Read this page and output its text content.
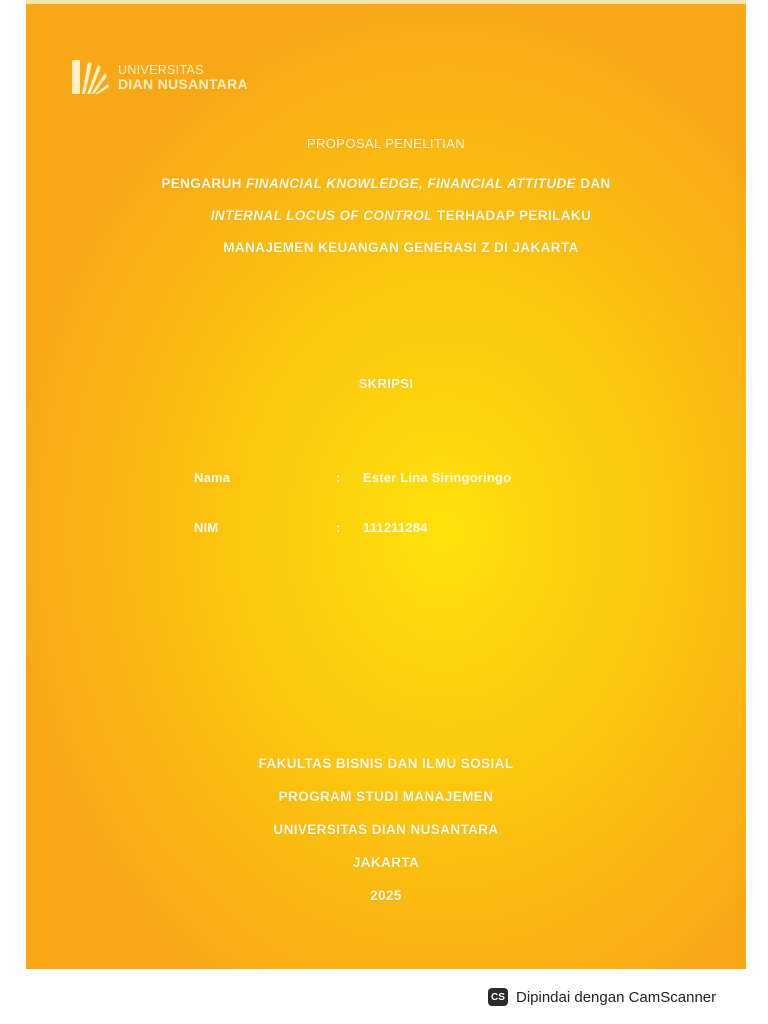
UNIVERSITAS
DIAN NUSANTARA
PROPOSAL PENELITIAN
PENGARUH FINANCIAL KNOWLEDGE, FINANCIAL ATTITUDE DAN
INTERNAL LOCUS OF CONTROL TERHADAP PERILAKU
MANAJEMEN KEUANGAN GENERASI Z DI JAKARTA
SKRIPSI
Nama	: Ester Lina Siringoringo
NIM	: 111211284
FAKULTAS BISNIS DAN ILMU SOSIAL
PROGRAM STUDI MANAJEMEN
UNIVERSITAS DIAN NUSANTARA
JAKARTA
2025
CS Dipindai dengan CamScanner
